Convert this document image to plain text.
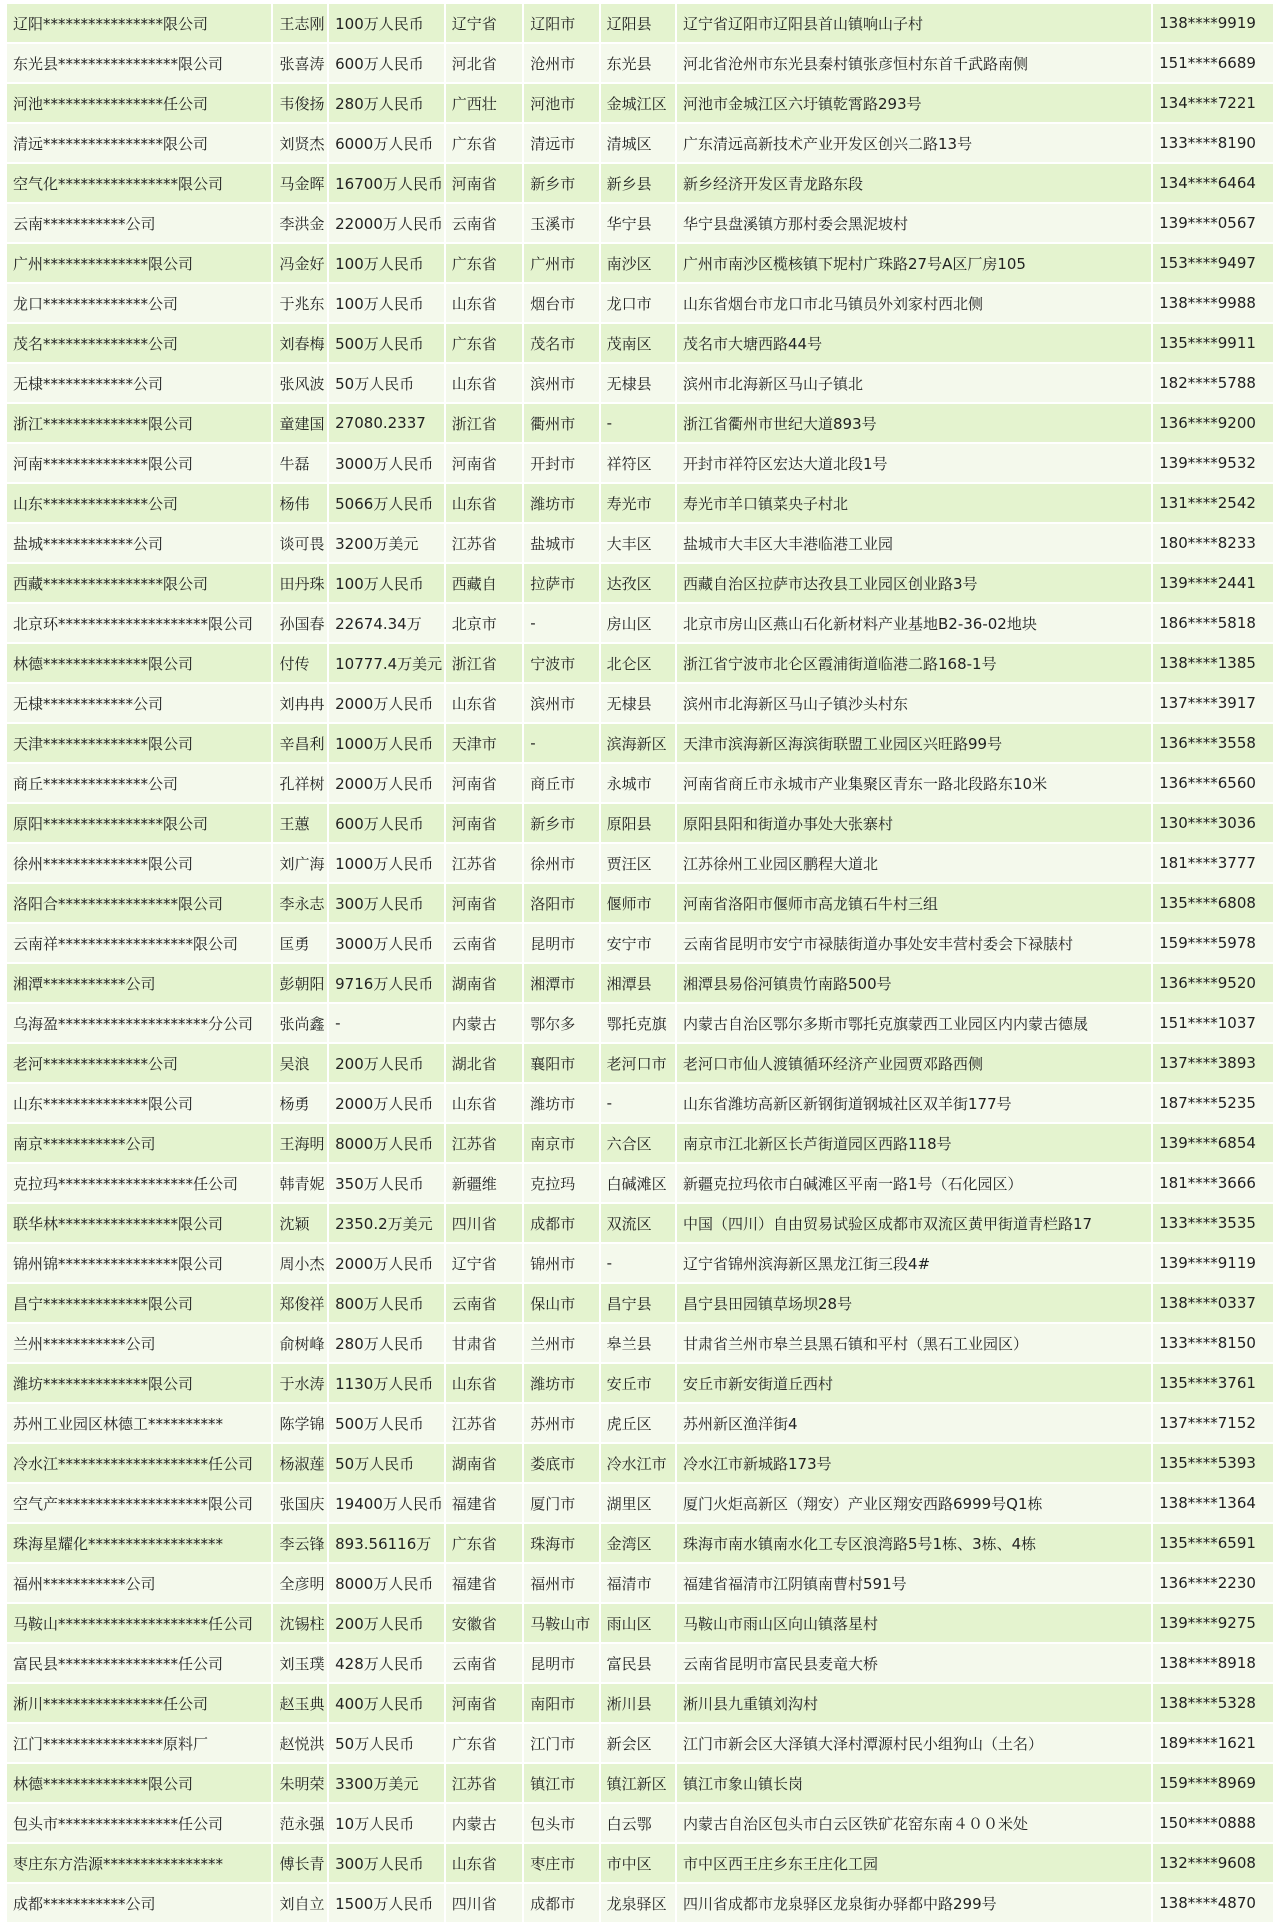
辽阳****************限公司	王志刚	100万人民币	辽宁省	辽阳市	辽阳县	辽宁省辽阳市辽阳县首山镇响山子村	138****9919
东光县****************限公司	张喜涛	600万人民币	河北省	沧州市	东光县	河北省沧州市东光县秦村镇张彦恒村东首千武路南侧	151****6689
河池****************任公司	韦俊扬	280万人民币	广西壮	河池市	金城江区	河池市金城江区六圩镇乾霄路293号	134****7221
清远****************限公司	刘贤杰	6000万人民币	广东省	清远市	清城区	广东清远高新技术产业开发区创兴二路13号	133****8190
空气化****************限公司	马金晖	16700万人民币	河南省	新乡市	新乡县	新乡经济开发区青龙路东段	134****6464
云南***********公司	李洪金	22000万人民币	云南省	玉溪市	华宁县	华宁县盘溪镇方那村委会黑泥坡村	139****0567
广州**************限公司	冯金好	100万人民币	广东省	广州市	南沙区	广州市南沙区榄核镇下坭村广珠路27号A区厂房105	153****9497
龙口**************公司	于兆东	100万人民币	山东省	烟台市	龙口市	山东省烟台市龙口市北马镇员外刘家村西北侧	138****9988
茂名**************公司	刘春梅	500万人民币	广东省	茂名市	茂南区	茂名市大塘西路44号	135****9911
无棣************公司	张风波	50万人民币	山东省	滨州市	无棣县	滨州市北海新区马山子镇北	182****5788
浙江**************限公司	童建国	27080.2337	浙江省	衢州市	-	浙江省衢州市世纪大道893号	136****9200
河南**************限公司	牛磊	3000万人民币	河南省	开封市	祥符区	开封市祥符区宏达大道北段1号	139****9532
山东**************公司	杨伟	5066万人民币	山东省	潍坊市	寿光市	寿光市羊口镇菜央子村北	131****2542
盐城************公司	谈可畏	3200万美元	江苏省	盐城市	大丰区	盐城市大丰区大丰港临港工业园	180****8233
西藏****************限公司	田丹珠	100万人民币	西藏自	拉萨市	达孜区	西藏自治区拉萨市达孜县工业园区创业路3号	139****2441
北京环********************限公司	孙国春	22674.34万	北京市	-	房山区	北京市房山区燕山石化新材料产业基地B2-36-02地块	186****5818
林德**************限公司	付传	10777.4万美元	浙江省	宁波市	北仑区	浙江省宁波市北仑区霞浦街道临港二路168-1号	138****1385
无棣************公司	刘冉冉	2000万人民币	山东省	滨州市	无棣县	滨州市北海新区马山子镇沙头村东	137****3917
天津**************限公司	辛昌利	1000万人民币	天津市	-	滨海新区	天津市滨海新区海滨街联盟工业园区兴旺路99号	136****3558
商丘**************公司	孔祥树	2000万人民币	河南省	商丘市	永城市	河南省商丘市永城市产业集聚区青东一路北段路东10米	136****6560
原阳****************限公司	王蕙	600万人民币	河南省	新乡市	原阳县	原阳县阳和街道办事处大张寨村	130****3036
徐州**************限公司	刘广海	1000万人民币	江苏省	徐州市	贾汪区	江苏徐州工业园区鹏程大道北	181****3777
洛阳合****************限公司	李永志	300万人民币	河南省	洛阳市	偃师市	河南省洛阳市偃师市高龙镇石牛村三组	135****6808
云南祥******************限公司	匡勇	3000万人民币	云南省	昆明市	安宁市	云南省昆明市安宁市禄脿街道办事处安丰营村委会下禄脿村	159****5978
湘潭***********公司	彭朝阳	9716万人民币	湖南省	湘潭市	湘潭县	湘潭县易俗河镇贵竹南路500号	136****9520
乌海盈********************分公司	张尚鑫	-	内蒙古	鄂尔多	鄂托克旗	内蒙古自治区鄂尔多斯市鄂托克旗蒙西工业园区内内蒙古德晟	151****1037
老河**************公司	吴浪	200万人民币	湖北省	襄阳市	老河口市	老河口市仙人渡镇循环经济产业园贾邓路西侧	137****3893
山东**************限公司	杨勇	2000万人民币	山东省	潍坊市	-	山东省潍坊高新区新钢街道钢城社区双羊街177号	187****5235
南京***********公司	王海明	8000万人民币	江苏省	南京市	六合区	南京市江北新区长芦街道园区西路118号	139****6854
克拉玛******************任公司	韩青妮	350万人民币	新疆维	克拉玛	白碱滩区	新疆克拉玛依市白碱滩区平南一路1号（石化园区）	181****3666
联华林****************限公司	沈颖	2350.2万美元	四川省	成都市	双流区	中国（四川）自由贸易试验区成都市双流区黄甲街道青栏路17	133****3535
锦州锦****************限公司	周小杰	2000万人民币	辽宁省	锦州市	-	辽宁省锦州滨海新区黑龙江街三段4#	139****9119
昌宁**************限公司	郑俊祥	800万人民币	云南省	保山市	昌宁县	昌宁县田园镇草场坝28号	138****0337
兰州***********公司	俞树峰	280万人民币	甘肃省	兰州市	皋兰县	甘肃省兰州市皋兰县黑石镇和平村（黑石工业园区）	133****8150
潍坊**************限公司	于水涛	1130万人民币	山东省	潍坊市	安丘市	安丘市新安街道丘西村	135****3761
苏州工业园区林德工**********	陈学锦	500万人民币	江苏省	苏州市	虎丘区	苏州新区渔洋街4	137****7152
冷水江********************任公司	杨淑莲	50万人民币	湖南省	娄底市	冷水江市	冷水江市新城路173号	135****5393
空气产********************限公司	张国庆	19400万人民币	福建省	厦门市	湖里区	厦门火炬高新区（翔安）产业区翔安西路6999号Q1栋	138****1364
珠海星耀化******************	李云锋	893.56116万	广东省	珠海市	金湾区	珠海市南水镇南水化工专区浪湾路5号1栋、3栋、4栋	135****6591
福州***********公司	全彦明	8000万人民币	福建省	福州市	福清市	福建省福清市江阴镇南曹村591号	136****2230
马鞍山********************任公司	沈锡柱	200万人民币	安徽省	马鞍山市	雨山区	马鞍山市雨山区向山镇落星村	139****9275
富民县****************任公司	刘玉璞	428万人民币	云南省	昆明市	富民县	云南省昆明市富民县麦竜大桥	138****8918
淅川****************任公司	赵玉典	400万人民币	河南省	南阳市	淅川县	淅川县九重镇刘沟村	138****5328
江门****************原料厂	赵悦洪	50万人民币	广东省	江门市	新会区	江门市新会区大泽镇大泽村潭源村民小组狗山（土名）	189****1621
林德**************限公司	朱明荣	3300万美元	江苏省	镇江市	镇江新区	镇江市象山镇长岗	159****8969
包头市****************任公司	范永强	10万人民币	内蒙古	包头市	白云鄂	内蒙古自治区包头市白云区铁矿花窑东南４００米处	150****0888
枣庄东方浩源****************	傅长青	300万人民币	山东省	枣庄市	市中区	市中区西王庄乡东王庄化工园	132****9608
成都***********公司	刘自立	1500万人民币	四川省	成都市	龙泉驿区	四川省成都市龙泉驿区龙泉街办驿都中路299号	138****4870
